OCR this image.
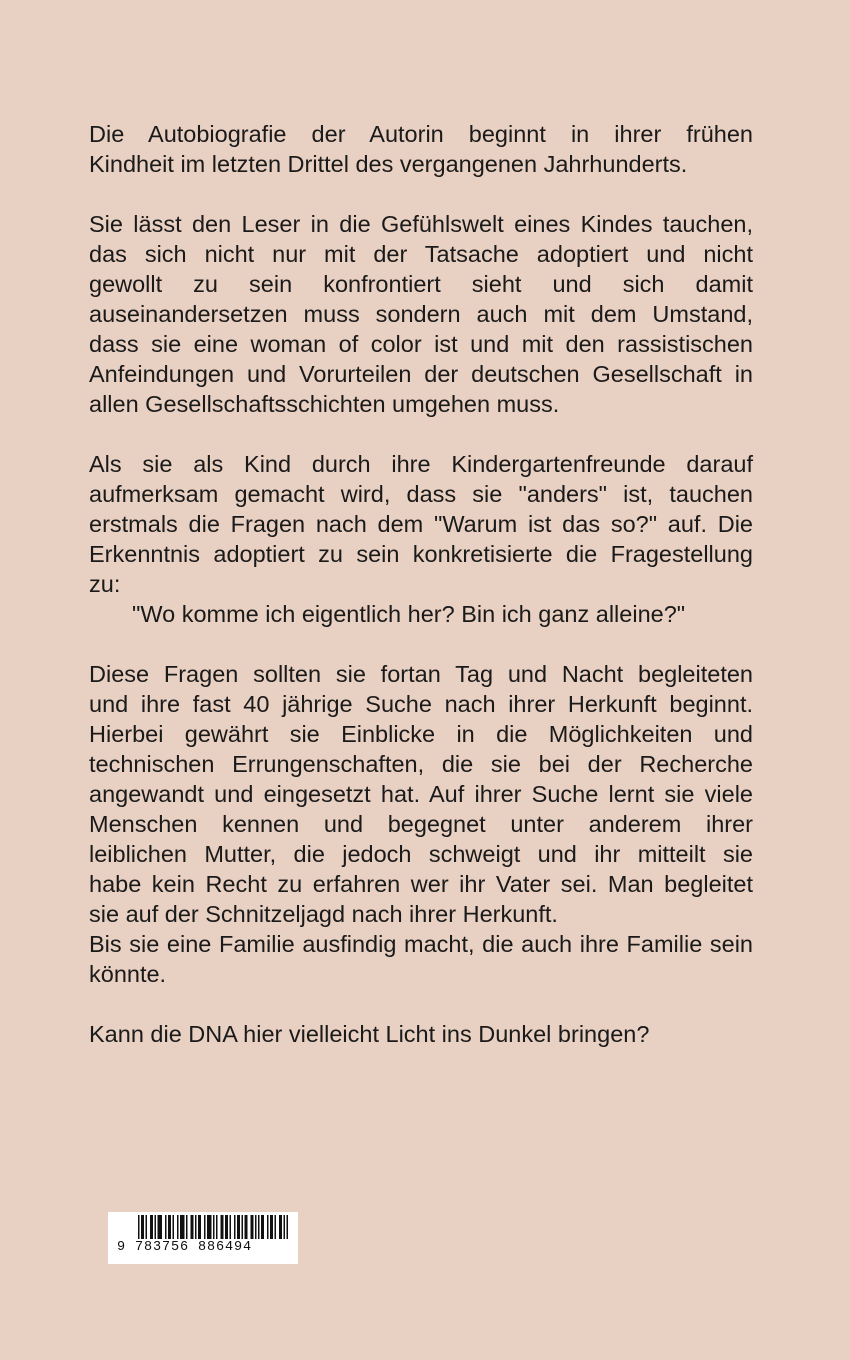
Die Autobiografie der Autorin beginnt in ihrer frühen
Kindheit im letzten Drittel des vergangenen Jahrhunderts.
Sie lässt den Leser in die Gefühlswelt eines Kindes tauchen,
das sich nicht nur mit der Tatsache adoptiert und nicht
gewollt zu sein konfrontiert sieht und sich damit
auseinandersetzen muss sondern auch mit dem Umstand,
dass sie eine woman of color ist und mit den rassistischen
Anfeindungen und Vorurteilen der deutschen Gesellschaft in
allen Gesellschaftsschichten umgehen muss.
Als sie als Kind durch ihre Kindergartenfreunde darauf
aufmerksam gemacht wird, dass sie "anders" ist, tauchen
erstmals die Fragen nach dem "Warum ist das so?" auf. Die
Erkenntnis adoptiert zu sein konkretisierte die Fragestellung
zu:
"Wo komme ich eigentlich her? Bin ich ganz alleine?"
Diese Fragen sollten sie fortan Tag und Nacht begleiteten
und ihre fast 40 jährige Suche nach ihrer Herkunft beginnt.
Hierbei gewährt sie Einblicke in die Möglichkeiten und
technischen Errungenschaften, die sie bei der Recherche
angewandt und eingesetzt hat. Auf ihrer Suche lernt sie viele
Menschen kennen und begegnet unter anderem ihrer
leiblichen Mutter, die jedoch schweigt und ihr mitteilt sie
habe kein Recht zu erfahren wer ihr Vater sei. Man begleitet
sie auf der Schnitzeljagd nach ihrer Herkunft.
Bis sie eine Familie ausfindig macht, die auch ihre Familie sein
könnte.
Kann die DNA hier vielleicht Licht ins Dunkel bringen?
9 783756 886494
